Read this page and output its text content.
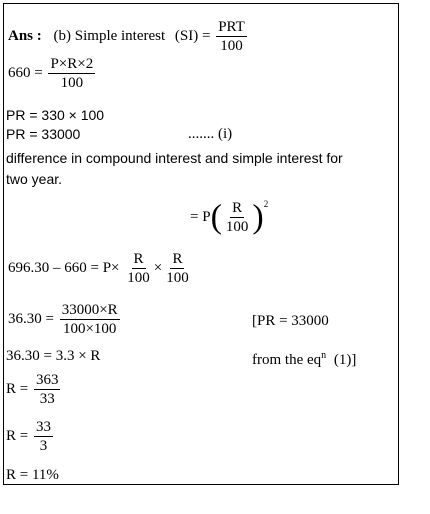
Ans : (b) Simple interest $(SI) = \frac{\text{PRT}}{100}$
$660 = \frac{P\times R\times 2}{100}$
PR = 330 × 100
PR = 33000	....... (i)
difference in compound interest and simple interest for
two year.
= $P( \frac{R}{100} )^2$
$696.30 - 660 = P\times \frac{R}{100} \times \frac{R}{100}$
$36.30 = \frac{33000\times R}{100\times 100}$	[PR = 33000
36.30 = 3.3 × R	from the $eq^n$ (1)]
$R = \frac{363}{33}$
$R = \frac{33}{3}$
R = 11%
